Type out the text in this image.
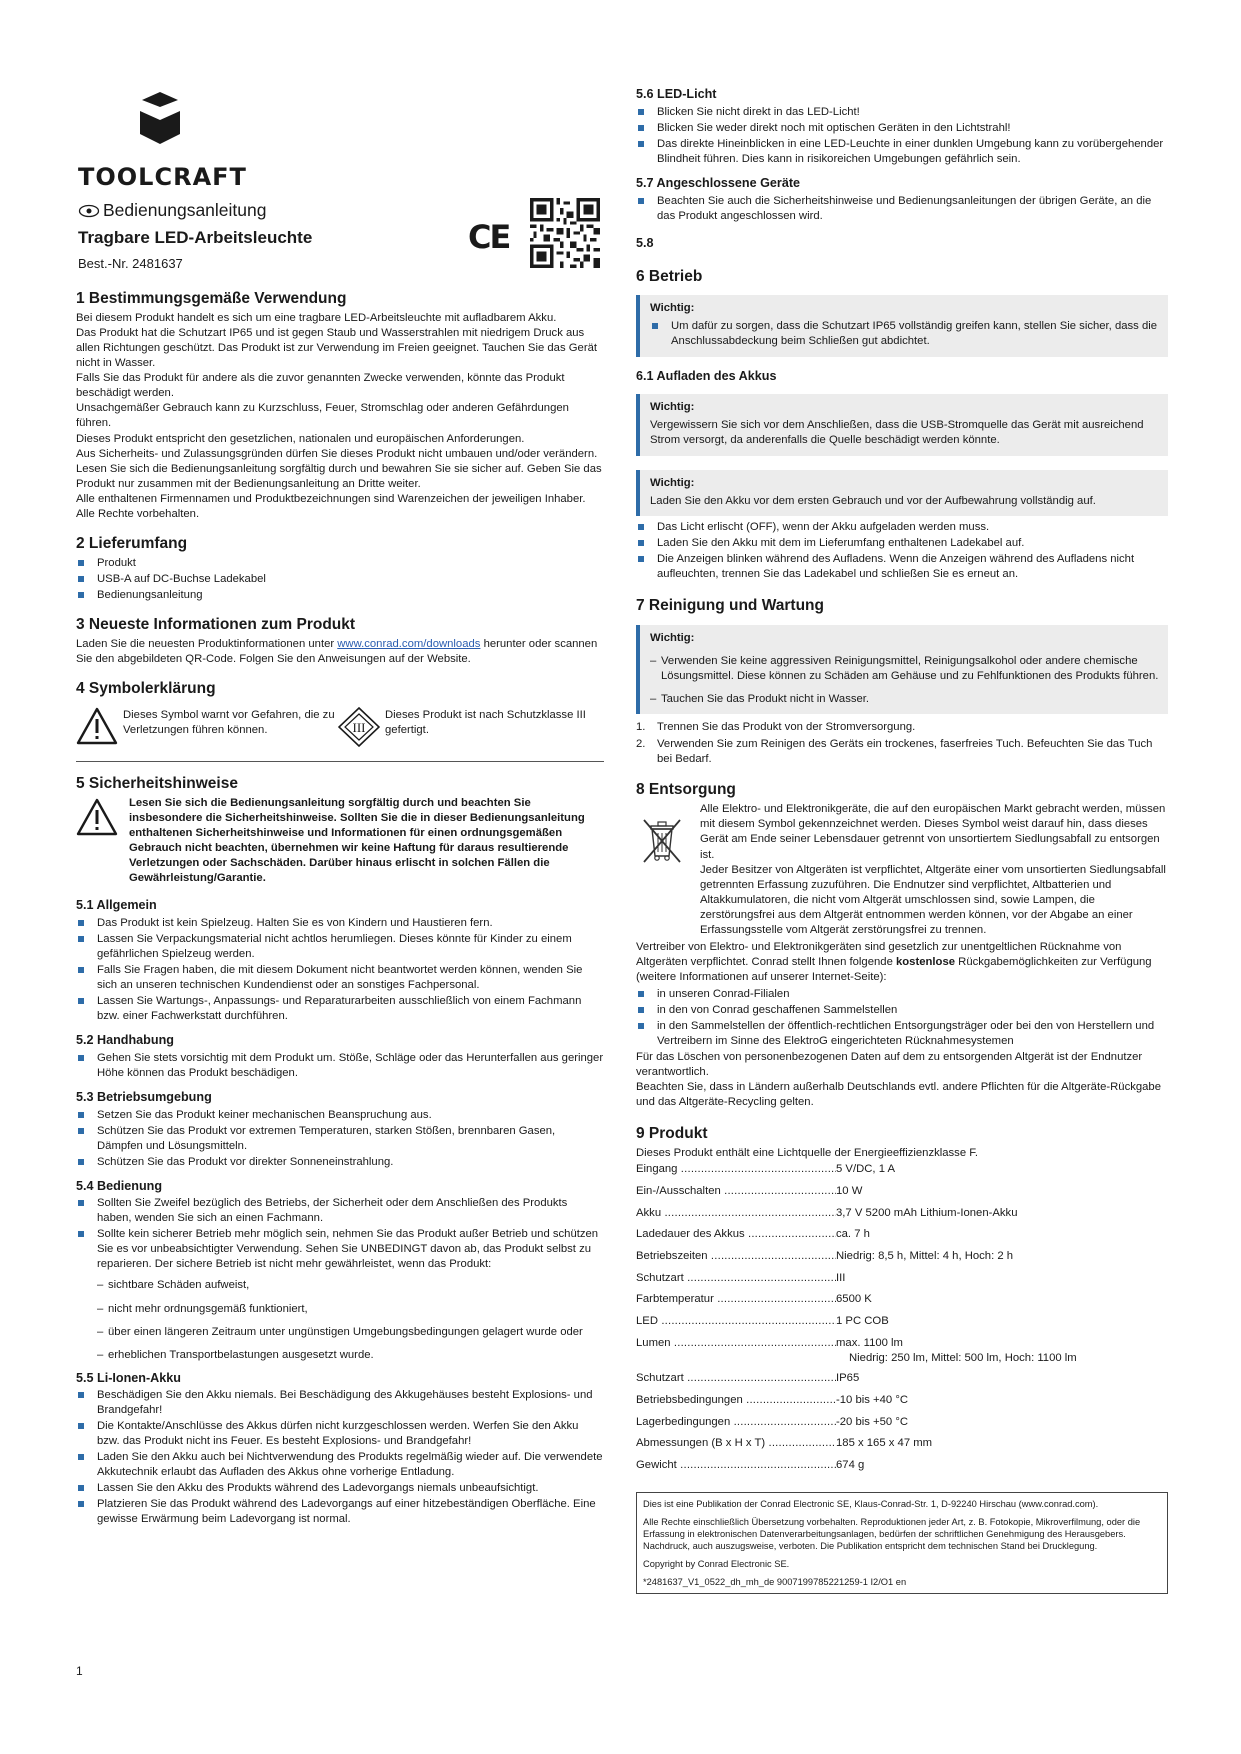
TOOLCRAFT
Bedienungsanleitung
Tragbare LED-Arbeitsleuchte
Best.-Nr. 2481637
CE
1 Bestimmungsgemäße Verwendung

Bei diesem Produkt handelt es sich um eine tragbare LED-Arbeitsleuchte mit aufladbarem Akku.

Das Produkt hat die Schutzart IP65 und ist gegen Staub und Wasserstrahlen mit niedrigem Druck aus allen Richtungen geschützt. Das Produkt ist zur Verwendung im Freien geeignet. Tauchen Sie das Gerät nicht in Wasser.

Falls Sie das Produkt für andere als die zuvor genannten Zwecke verwenden, könnte das Produkt beschädigt werden.

Unsachgemäßer Gebrauch kann zu Kurzschluss, Feuer, Stromschlag oder anderen Gefährdungen führen.

Dieses Produkt entspricht den gesetzlichen, nationalen und europäischen Anforderungen.

Aus Sicherheits- und Zulassungsgründen dürfen Sie dieses Produkt nicht umbauen und/oder verändern.

Lesen Sie sich die Bedienungsanleitung sorgfältig durch und bewahren Sie sie sicher auf. Geben Sie das Produkt nur zusammen mit der Bedienungsanleitung an Dritte weiter.

Alle enthaltenen Firmennamen und Produktbezeichnungen sind Warenzeichen der jeweiligen Inhaber. Alle Rechte vorbehalten.

2 Lieferumfang
Produkt
USB-A auf DC-Buchse Ladekabel
Bedienungsanleitung
3 Neueste Informationen zum Produkt

Laden Sie die neuesten Produktinformationen unter www.conrad.com/downloads herunter oder scannen Sie den abgebildeten QR-Code. Folgen Sie den Anweisungen auf der Website.

4 Symbolerklärung

Dieses Symbol warnt vor Gefahren, die zu Verletzungen führen können.	III

Dieses Produkt ist nach Schutzklasse III gefertigt.

5 Sicherheitshinweise

Lesen Sie sich die Bedienungsanleitung sorgfältig durch und beachten Sie insbesondere die Sicherheitshinweise. Sollten Sie die in dieser Bedienungsanleitung enthaltenen Sicherheitshinweise und Informationen für einen ordnungsgemäßen Gebrauch nicht beachten, übernehmen wir keine Haftung für daraus resultierende Verletzungen oder Sachschäden. Darüber hinaus erlischt in solchen Fällen die Gewährleistung/Garantie.

5.1 Allgemein
Das Produkt ist kein Spielzeug. Halten Sie es von Kindern und Haustieren fern.
Lassen Sie Verpackungsmaterial nicht achtlos herumliegen. Dieses könnte für Kinder zu einem gefährlichen Spielzeug werden.
Falls Sie Fragen haben, die mit diesem Dokument nicht beantwortet werden können, wenden Sie sich an unseren technischen Kundendienst oder an sonstiges Fachpersonal.
Lassen Sie Wartungs-, Anpassungs- und Reparaturarbeiten ausschließlich von einem Fachmann bzw. einer Fachwerkstatt durchführen.
5.2 Handhabung
Gehen Sie stets vorsichtig mit dem Produkt um. Stöße, Schläge oder das Herunterfallen aus geringer Höhe können das Produkt beschädigen.
5.3 Betriebsumgebung
Setzen Sie das Produkt keiner mechanischen Beanspruchung aus.
Schützen Sie das Produkt vor extremen Temperaturen, starken Stößen, brennbaren Gasen, Dämpfen und Lösungsmitteln.
Schützen Sie das Produkt vor direkter Sonneneinstrahlung.
5.4 Bedienung
Sollten Sie Zweifel bezüglich des Betriebs, der Sicherheit oder dem Anschließen des Produkts haben, wenden Sie sich an einen Fachmann.
Sollte kein sicherer Betrieb mehr möglich sein, nehmen Sie das Produkt außer Betrieb und schützen Sie es vor unbeabsichtigter Verwendung. Sehen Sie UNBEDINGT davon ab, das Produkt selbst zu reparieren. Der sichere Betrieb ist nicht mehr gewährleistet, wenn das Produkt:
– sichtbare Schäden aufweist,
– nicht mehr ordnungsgemäß funktioniert,
– über einen längeren Zeitraum unter ungünstigen Umgebungsbedingungen gelagert wurde oder
– erheblichen Transportbelastungen ausgesetzt wurde.
5.5 Li-Ionen-Akku
Beschädigen Sie den Akku niemals. Bei Beschädigung des Akkugehäuses besteht Explosions- und Brandgefahr!
Die Kontakte/Anschlüsse des Akkus dürfen nicht kurzgeschlossen werden. Werfen Sie den Akku bzw. das Produkt nicht ins Feuer. Es besteht Explosions- und Brandgefahr!
Laden Sie den Akku auch bei Nichtverwendung des Produkts regelmäßig wieder auf. Die verwendete Akkutechnik erlaubt das Aufladen des Akkus ohne vorherige Entladung.
Lassen Sie den Akku des Produkts während des Ladevorgangs niemals unbeaufsichtigt.
Platzieren Sie das Produkt während des Ladevorgangs auf einer hitzebeständigen Oberfläche. Eine gewisse Erwärmung beim Ladevorgang ist normal.
1
5.6 LED-Licht
Blicken Sie nicht direkt in das LED-Licht!
Blicken Sie weder direkt noch mit optischen Geräten in den Lichtstrahl!
Das direkte Hineinblicken in eine LED-Leuchte in einer dunklen Umgebung kann zu vorübergehender Blindheit führen. Dies kann in risikoreichen Umgebungen gefährlich sein.
5.7 Angeschlossene Geräte
Beachten Sie auch die Sicherheitshinweise und Bedienungsanleitungen der übrigen Geräte, an die das Produkt angeschlossen wird.
5.8
6 Betrieb
Wichtig:
Um dafür zu sorgen, dass die Schutzart IP65 vollständig greifen kann, stellen Sie sicher, dass die Anschlussabdeckung beim Schließen gut abdichtet.
6.1 Aufladen des Akkus
Wichtig:

Vergewissern Sie sich vor dem Anschließen, dass die USB-Stromquelle das Gerät mit ausreichend Strom versorgt, da anderenfalls die Quelle beschädigt werden könnte.

Wichtig:

Laden Sie den Akku vor dem ersten Gebrauch und vor der Aufbewahrung vollständig auf.

Das Licht erlischt (OFF), wenn der Akku aufgeladen werden muss.
Laden Sie den Akku mit dem im Lieferumfang enthaltenen Ladekabel auf.
Die Anzeigen blinken während des Aufladens. Wenn die Anzeigen während des Aufladens nicht aufleuchten, trennen Sie das Ladekabel und schließen Sie es erneut an.
7 Reinigung und Wartung
Wichtig:
– Verwenden Sie keine aggressiven Reinigungsmittel, Reinigungsalkohol oder andere chemische Lösungsmittel. Diese können zu Schäden am Gehäuse und zu Fehlfunktionen des Produkts führen.
– Tauchen Sie das Produkt nicht in Wasser.
1. Trennen Sie das Produkt von der Stromversorgung.
2. Verwenden Sie zum Reinigen des Geräts ein trockenes, faserfreies Tuch. Befeuchten Sie das Tuch bei Bedarf.
8 Entsorgung

Alle Elektro- und Elektronikgeräte, die auf den europäischen Markt gebracht werden, müssen mit diesem Symbol gekennzeichnet werden. Dieses Symbol weist darauf hin, dass dieses Gerät am Ende seiner Lebensdauer getrennt von unsortiertem Siedlungsabfall zu entsorgen ist.

Jeder Besitzer von Altgeräten ist verpflichtet, Altgeräte einer vom unsortierten Siedlungsabfall getrennten Erfassung zuzuführen. Die Endnutzer sind verpflichtet, Altbatterien und Altakkumulatoren, die nicht vom Altgerät umschlossen sind, sowie Lampen, die zerstörungsfrei aus dem Altgerät entnommen werden können, vor der Abgabe an einer Erfassungsstelle vom Altgerät zerstörungsfrei zu trennen.

Vertreiber von Elektro- und Elektronikgeräten sind gesetzlich zur unentgeltlichen Rücknahme von Altgeräten verpflichtet. Conrad stellt Ihnen folgende kostenlose Rückgabemöglichkeiten zur Verfügung (weitere Informationen auf unserer Internet-Seite):

in unseren Conrad-Filialen
in den von Conrad geschaffenen Sammelstellen
in den Sammelstellen der öffentlich-rechtlichen Entsorgungsträger oder bei den von Herstellern und Vertreibern im Sinne des ElektroG eingerichteten Rücknahmesystemen

Für das Löschen von personenbezogenen Daten auf dem zu entsorgenden Altgerät ist der Endnutzer verantwortlich.

Beachten Sie, dass in Ländern außerhalb Deutschlands evtl. andere Pflichten für die Altgeräte-Rückgabe und das Altgeräte-Recycling gelten.

9 Produkt

Dieses Produkt enthält eine Lichtquelle der Energieeffizienzklasse F.

Eingang .....	5 V/DC, 1 A
Ein-/Ausschalten .....	10 W
Akku .....	3,7 V 5200 mAh Lithium-Ionen-Akku
Ladedauer des Akkus .....	ca. 7 h
Betriebszeiten .....	Niedrig: 8,5 h, Mittel: 4 h, Hoch: 2 h
Schutzart .....	III
Farbtemperatur .....	6500 K
LED .....	1 PC COB
Lumen .....	max. 1100 lm
Niedrig: 250 lm, Mittel: 500 lm, Hoch: 1100 lm
Schutzart .....	IP65
Betriebsbedingungen .....	-10 bis +40 °C
Lagerbedingungen .....	-20 bis +50 °C
Abmessungen (B x H x T) .....	185 x 165 x 47 mm
Gewicht .....	674 g

Dies ist eine Publikation der Conrad Electronic SE, Klaus-Conrad-Str. 1, D-92240 Hirschau (www.conrad.com).

Alle Rechte einschließlich Übersetzung vorbehalten. Reproduktionen jeder Art, z. B. Fotokopie, Mikroverfilmung, oder die Erfassung in elektronischen Datenverarbeitungsanlagen, bedürfen der schriftlichen Genehmigung des Herausgebers. Nachdruck, auch auszugsweise, verboten. Die Publikation entspricht dem technischen Stand bei Drucklegung.

Copyright by Conrad Electronic SE.

*2481637_V1_0522_dh_mh_de 9007199785221259-1 I2/O1 en
